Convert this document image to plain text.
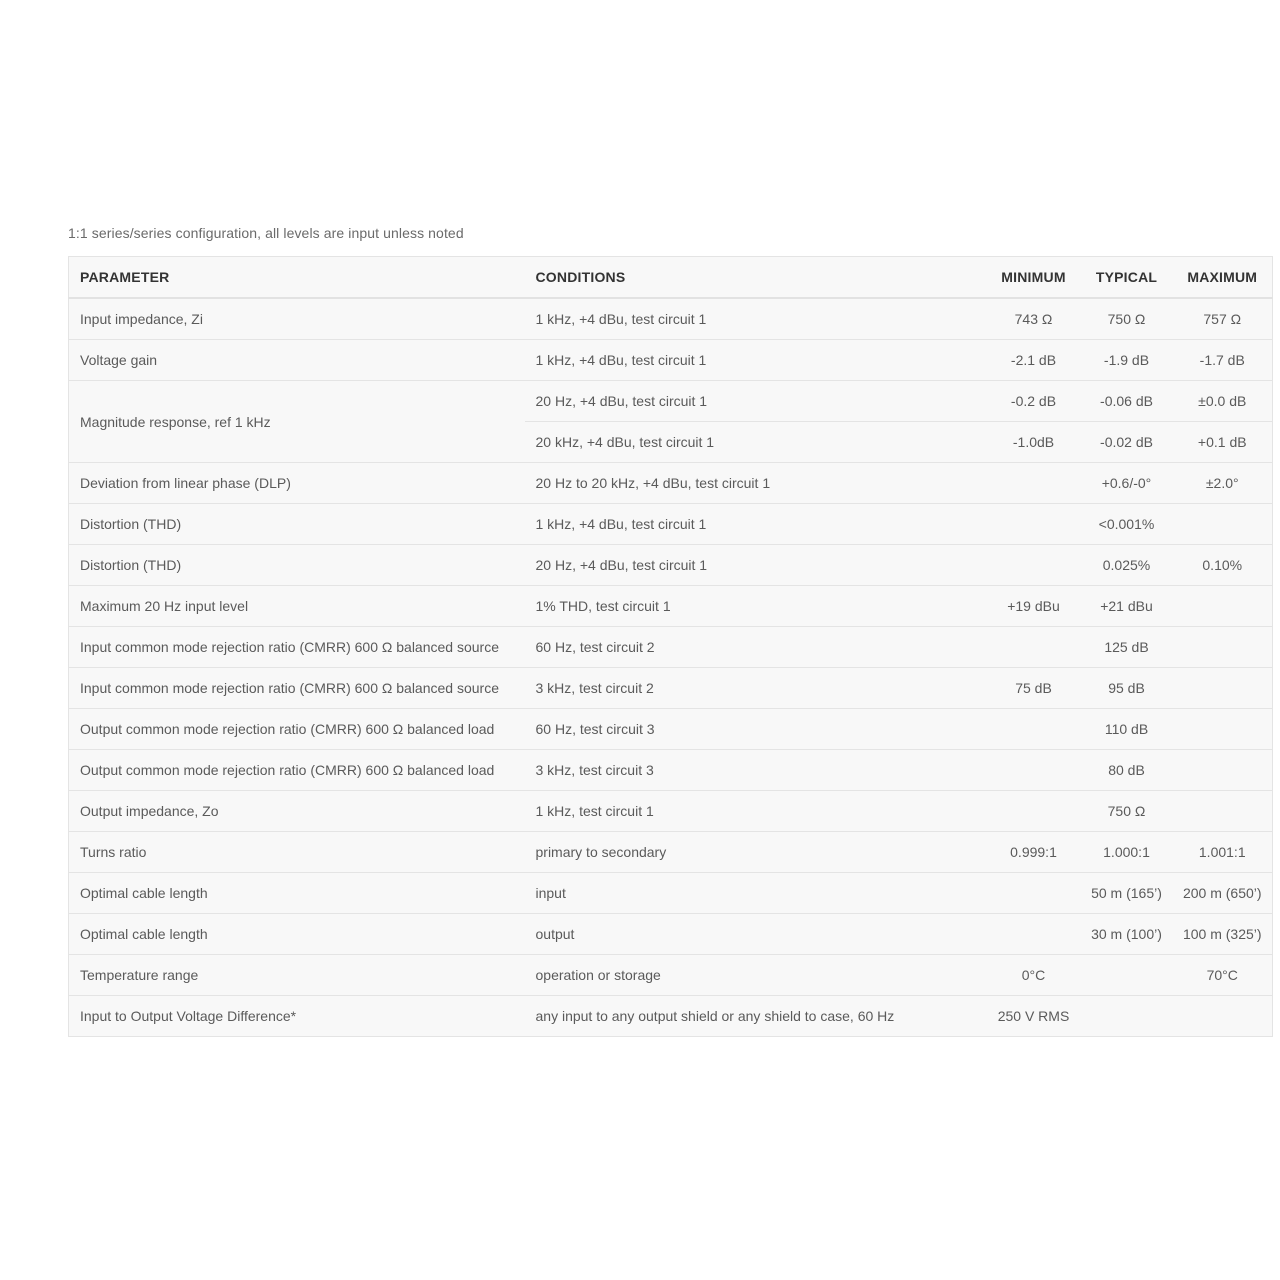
1:1 series/series configuration, all levels are input unless noted
PARAMETER	CONDITIONS	MINIMUM	TYPICAL	MAXIMUM
Input impedance, Zi	1 kHz, +4 dBu, test circuit 1	743 Ω	750 Ω	757 Ω
Voltage gain	1 kHz, +4 dBu, test circuit 1	-2.1 dB	-1.9 dB	-1.7 dB
Magnitude response, ref 1 kHz	20 Hz, +4 dBu, test circuit 1	-0.2 dB	-0.06 dB	±0.0 dB
	20 kHz, +4 dBu, test circuit 1	-1.0dB	-0.02 dB	+0.1 dB
Deviation from linear phase (DLP)	20 Hz to 20 kHz, +4 dBu, test circuit 1		+0.6/-0°	±2.0°
Distortion (THD)	1 kHz, +4 dBu, test circuit 1		<0.001%	
Distortion (THD)	20 Hz, +4 dBu, test circuit 1		0.025%	0.10%
Maximum 20 Hz input level	1% THD, test circuit 1	+19 dBu	+21 dBu	
Input common mode rejection ratio (CMRR) 600 Ω balanced source	60 Hz, test circuit 2		125 dB	
Input common mode rejection ratio (CMRR) 600 Ω balanced source	3 kHz, test circuit 2	75 dB	95 dB	
Output common mode rejection ratio (CMRR) 600 Ω balanced load	60 Hz, test circuit 3		110 dB	
Output common mode rejection ratio (CMRR) 600 Ω balanced load	3 kHz, test circuit 3		80 dB	
Output impedance, Zo	1 kHz, test circuit 1		750 Ω	
Turns ratio	primary to secondary	0.999:1	1.000:1	1.001:1
Optimal cable length	input		50 m (165’)	200 m (650’)
Optimal cable length	output		30 m (100’)	100 m (325’)
Temperature range	operation or storage	0°C		70°C
Input to Output Voltage Difference*	any input to any output shield or any shield to case, 60 Hz	250 V RMS		
